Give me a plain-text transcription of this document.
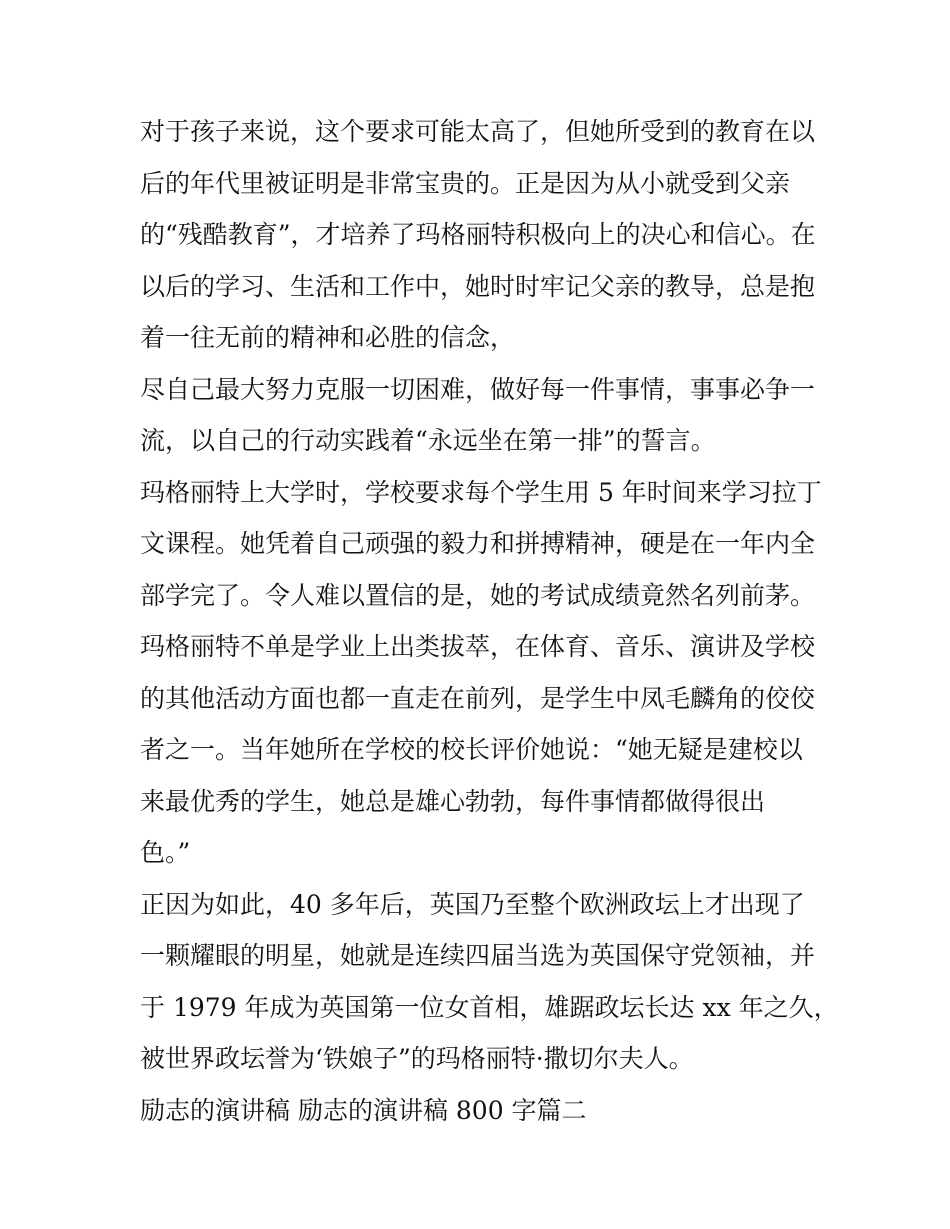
对于孩子来说，这个要求可能太高了，但她所受到的教育在以
后的年代里被证明是非常宝贵的。正是因为从小就受到父亲
的“残酷教育”，才培养了玛格丽特积极向上的决心和信心。在
以后的学习、生活和工作中，她时时牢记父亲的教导，总是抱
着一往无前的精神和必胜的信念，
尽自己最大努力克服一切困难，做好每一件事情，事事必争一
流，以自己的行动实践着“永远坐在第一排”的誓言。
玛格丽特上大学时，学校要求每个学生用 5 年时间来学习拉丁
文课程。她凭着自己顽强的毅力和拼搏精神，硬是在一年内全
部学完了。令人难以置信的是，她的考试成绩竟然名列前茅。
玛格丽特不单是学业上出类拔萃，在体育、音乐、演讲及学校
的其他活动方面也都一直走在前列，是学生中凤毛麟角的佼佼
者之一。当年她所在学校的校长评价她说：“她无疑是建校以
来最优秀的学生，她总是雄心勃勃，每件事情都做得很出
色。”
正因为如此，40 多年后，英国乃至整个欧洲政坛上才出现了
一颗耀眼的明星，她就是连续四届当选为英国保守党领袖，并
于 1979 年成为英国第一位女首相，雄踞政坛长达 xx 年之久，
被世界政坛誉为‘铁娘子”的玛格丽特·撒切尔夫人。
励志的演讲稿 励志的演讲稿 800 字篇二
